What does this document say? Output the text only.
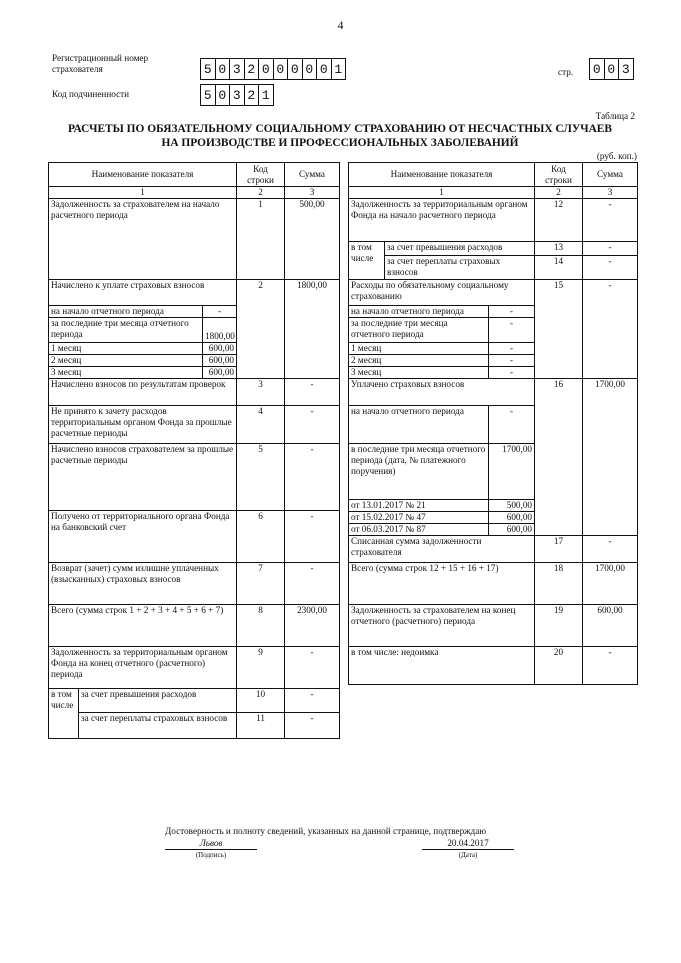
4
Регистрационный номер страхователя	5 0 3 2 0 0 0 0 0 1	стр. 0 0 3
Код подчиненности	5 0 3 2 1
Таблица 2
РАСЧЕТЫ ПО ОБЯЗАТЕЛЬНОМУ СОЦИАЛЬНОМУ СТРАХОВАНИЮ ОТ НЕСЧАСТНЫХ СЛУЧАЕВ
НА ПРОИЗВОДСТВЕ И ПРОФЕССИОНАЛЬНЫХ ЗАБОЛЕВАНИЙ
(руб. коп.)
Наименование показателя			Код строки	Сумма
1			2	3
Задолженность за страхователем на начало расчетного периода			1	500,00
Начислено к уплате страховых взносов			2	1800,00
на начало отчетного периода		-		
за последние три месяца отчетного периода		1800,00		
1 месяц		600,00		
2 месяц		600,00		
3 месяц		600,00		
Начислено взносов по результатам проверок			3	-
Не принято к зачету расходов территориальным органом Фонда за прошлые расчетные периоды			4	-
Начислено взносов страхователем за прошлые расчетные периоды			5	-
Получено от территориального органа Фонда на банковский счет			6	-
Возврат (зачет) сумм излишне уплаченных (взысканных) страховых взносов			7	-
Всего (сумма строк 1 + 2 + 3 + 4 + 5 + 6 + 7)			8	2300,00
Задолженность за территориальным органом Фонда на конец отчетного (расчетного) периода			9	-
в том числе	за счет превышения расходов		10	-
	за счет переплаты страховых взносов		11	-
Наименование показателя			Код строки	Сумма
1			2	3
Задолженность за территориальным органом Фонда на начало расчетного периода			12	-
в том числе	за счет превышения расходов		13	-
	за счет переплаты страховых взносов		14	-
Расходы по обязательному социальному страхованию			15	-
на начало отчетного периода		-		
за последние три месяца отчетного периода		-		
1 месяц		-		
2 месяц		-		
3 месяц		-		
Уплачено страховых взносов			16	1700,00
на начало отчетного периода		-		
в последние три месяца отчетного периода (дата, № платежного поручения)		1700,00		
от 13.01.2017 № 21		500,00		
от 15.02.2017 № 47		600,00		
от 06.03.2017 № 87		600,00		
Списанная сумма задолженности страхователя			17	-
Всего (сумма строк 12 + 15 + 16 + 17)			18	1700,00
Задолженность за страхователем на конец отчетного (расчетного) периода			19	600,00
в том числе: недоимка			20	-
Достоверность и полноту сведений, указанных на данной странице, подтверждаю
Львов
(Подпись)
20.04.2017
(Дата)
